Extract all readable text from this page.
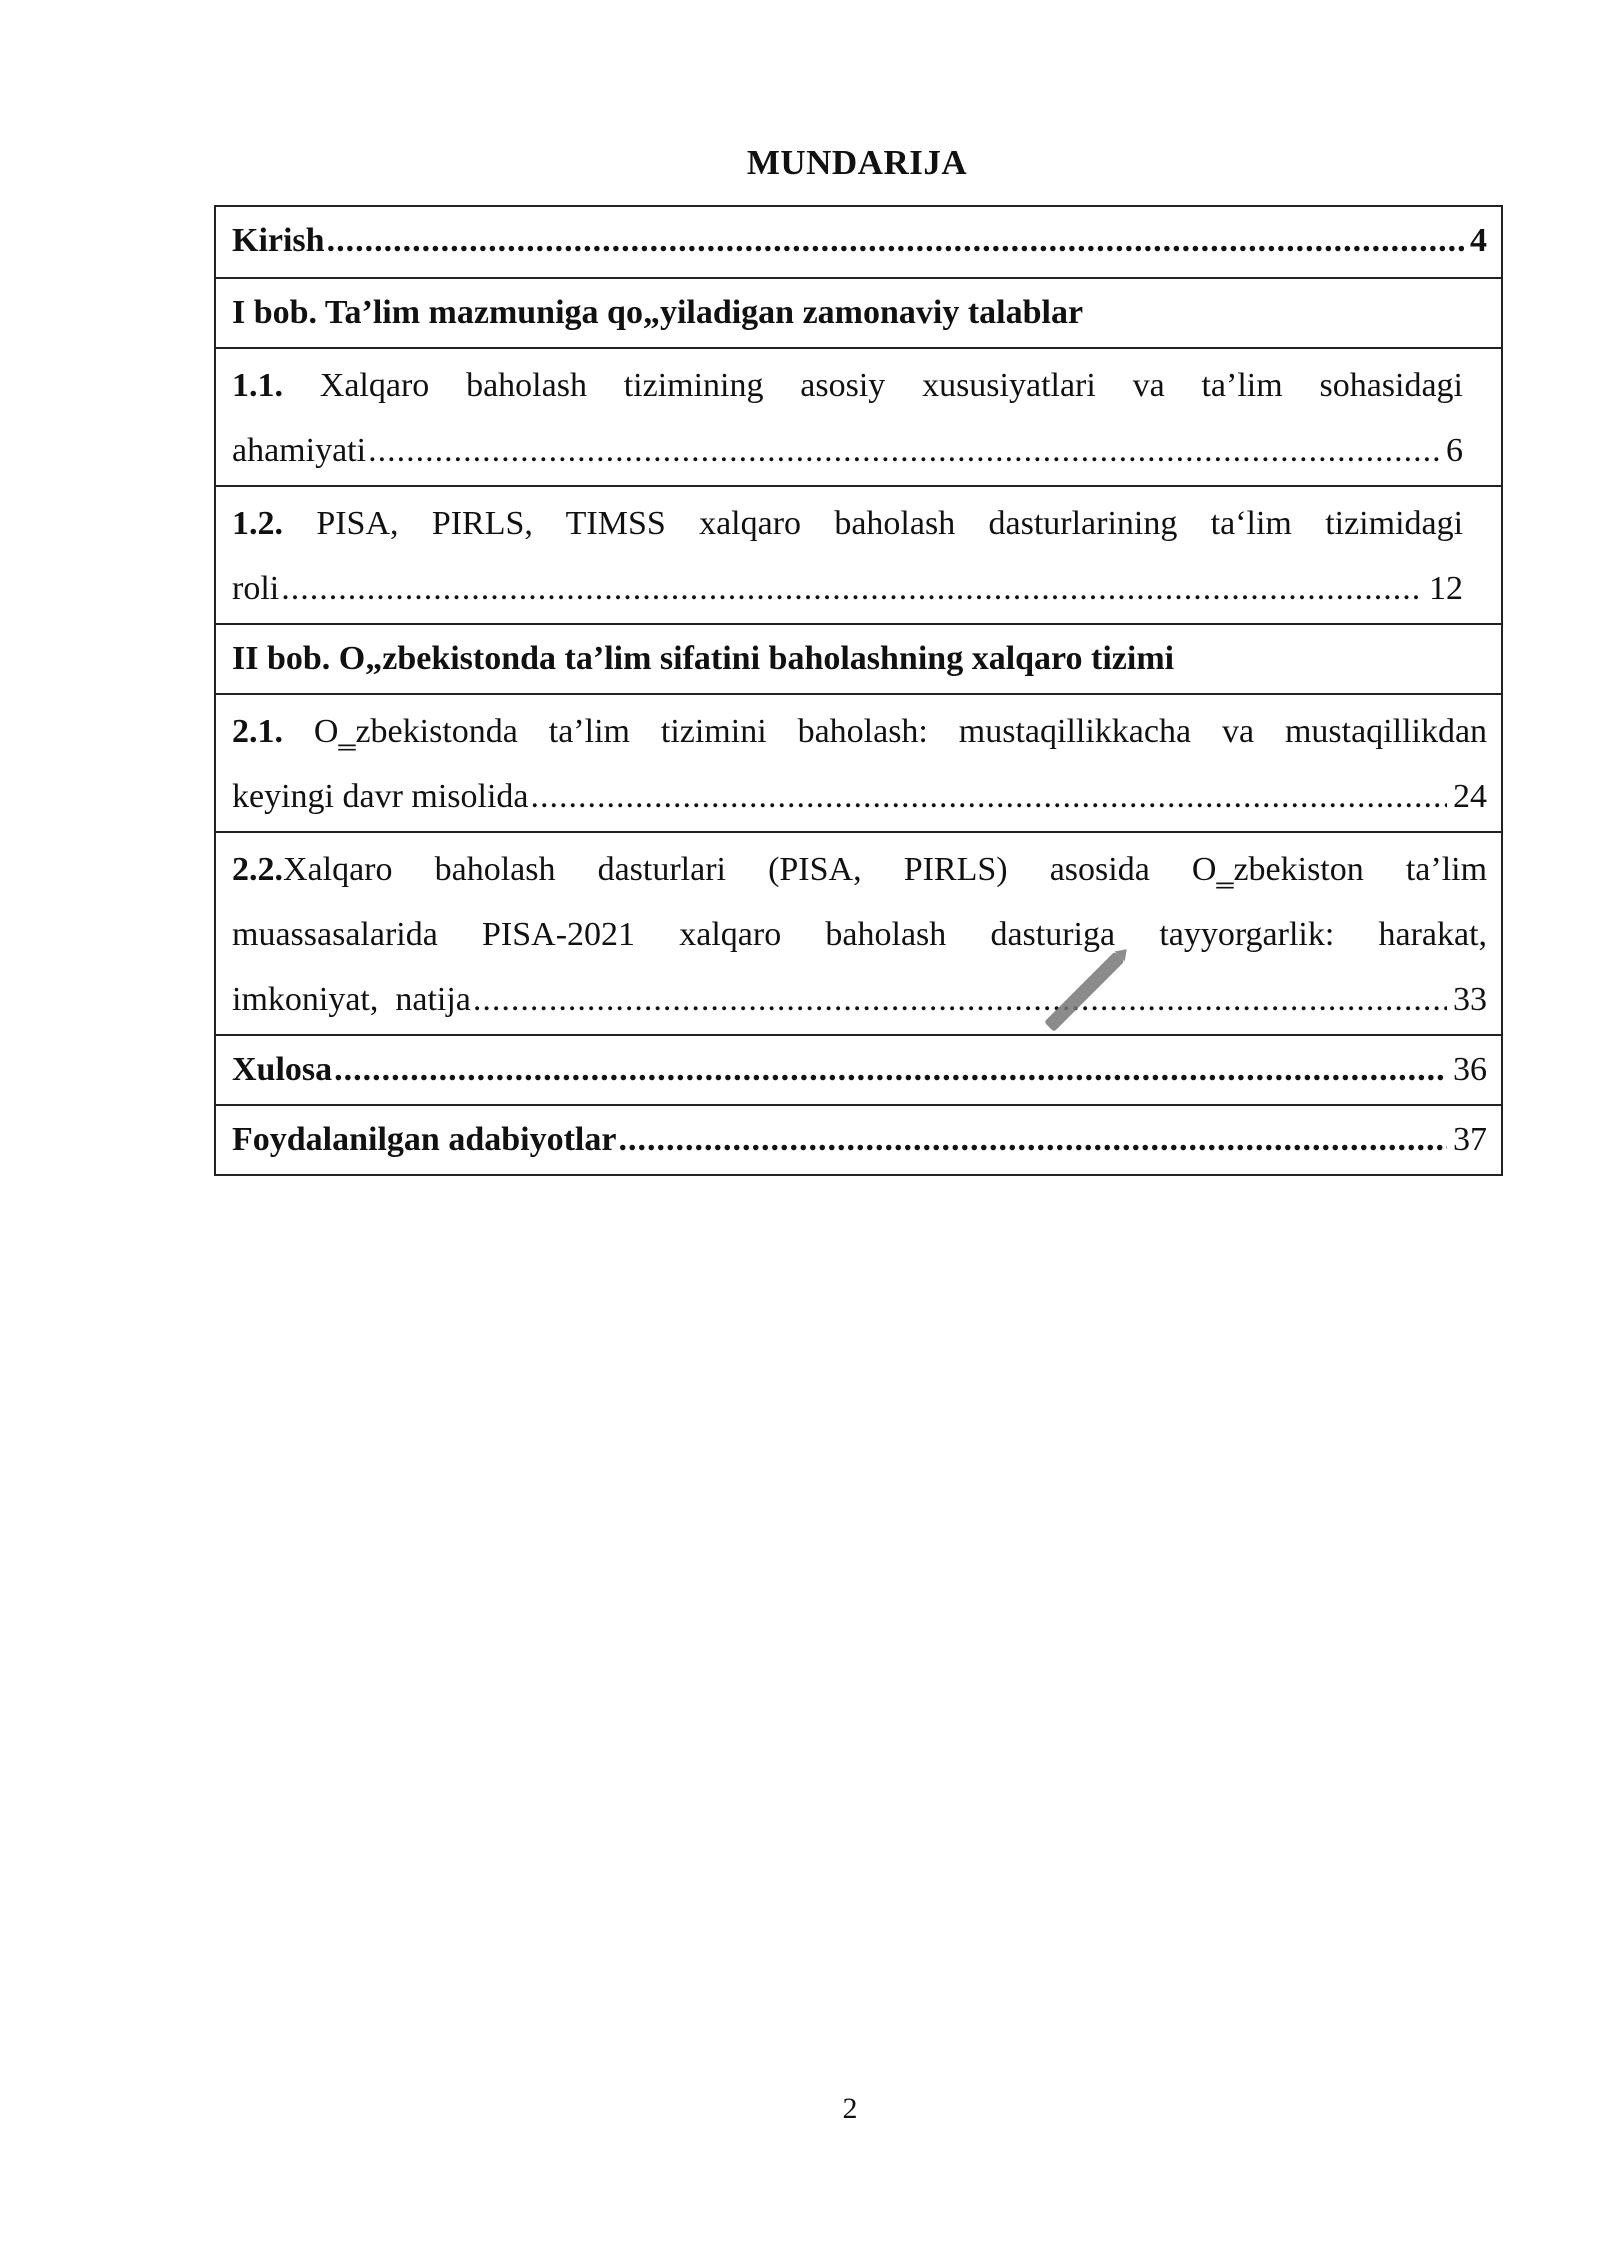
MUNDARIJA
Kirish .....	4
I bob. Ta’lim mazmuniga qo„yiladigan zamonaviy talablar
1.1. Xalqaro baholash tizimining asosiy xususiyatlari va ta’lim sohasidagi
ahamiyati .....	6
1.2. PISA, PIRLS, TIMSS xalqaro baholash dasturlarining ta‘lim tizimidagi
roli .....	12
II bob. O„zbekistonda ta’lim sifatini baholashning xalqaro tizimi
2.1. O‗zbekistonda ta’lim tizimini baholash: mustaqillikkacha va mustaqillikdan
keyingi davr misolida .....	24
2.2.Xalqaro baholash dasturlari (PISA, PIRLS) asosida O‗zbekiston ta’lim
muassasalarida PISA-2021 xalqaro baholash dasturiga tayyorgarlik: harakat,
imkoniyat,  natija .....	33
Xulosa .....	36
Foydalanilgan adabiyotlar .....	37
2
